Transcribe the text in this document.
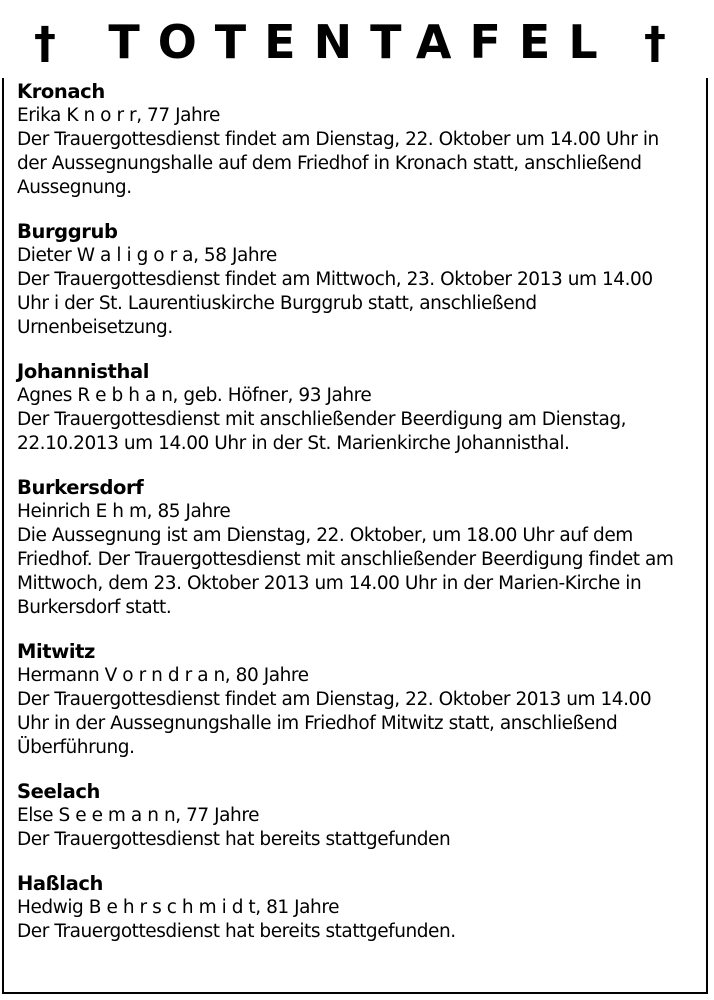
†	TOTENTAFEL †
Kronach
Erika K n o r r, 77 Jahre
Der Trauergottesdienst findet am Dienstag, 22. Oktober um 14.00 Uhr in
der Aussegnungshalle auf dem Friedhof in Kronach statt, anschließend
Aussegnung.
Burggrub
Dieter W a l i g o r a, 58 Jahre
Der Trauergottesdienst findet am Mittwoch, 23. Oktober 2013 um 14.00
Uhr i der St. Laurentiuskirche Burggrub statt, anschließend
Urnenbeisetzung.
Johannisthal
Agnes R e b h a n, geb. Höfner, 93 Jahre
Der Trauergottesdienst mit anschließender Beerdigung am Dienstag,
22.10.2013 um 14.00 Uhr in der St. Marienkirche Johannisthal.
Burkersdorf
Heinrich E h m, 85 Jahre
Die Aussegnung ist am Dienstag, 22. Oktober, um 18.00 Uhr auf dem
Friedhof. Der Trauergottesdienst mit anschließender Beerdigung findet am
Mittwoch, dem 23. Oktober 2013 um 14.00 Uhr in der Marien-Kirche in
Burkersdorf statt.
Mitwitz
Hermann V o r n d r a n, 80 Jahre
Der Trauergottesdienst findet am Dienstag, 22. Oktober 2013 um 14.00
Uhr in der Aussegnungshalle im Friedhof Mitwitz statt, anschließend
Überführung.
Seelach
Else S e e m a n n, 77 Jahre
Der Trauergottesdienst hat bereits stattgefunden
Haßlach
Hedwig B e h r s c h m i d t, 81 Jahre
Der Trauergottesdienst hat bereits stattgefunden.
